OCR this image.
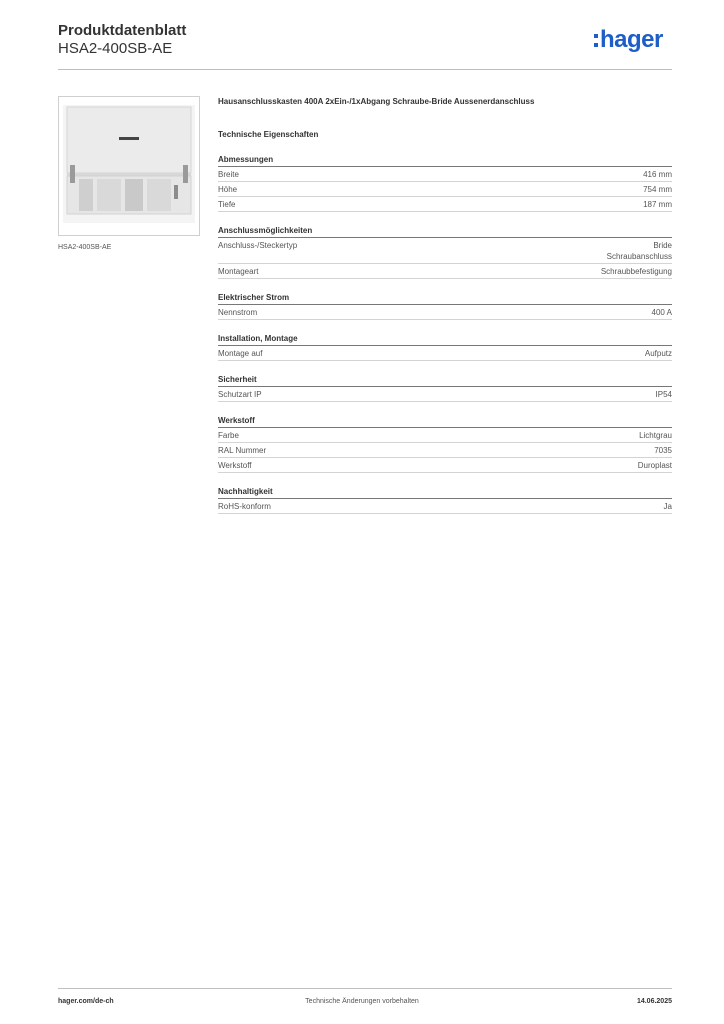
Produktdatenblatt
HSA2-400SB-AE	hager
HSA2-400SB-AE
Hausanschlusskasten 400A 2xEin-/1xAbgang Schraube-Bride Aussenerdanschluss
Technische Eigenschaften
Abmessungen
Breite	416 mm
Höhe	754 mm
Tiefe	187 mm
Anschlussmöglichkeiten
Anschluss-/Steckertyp	Bride
Schraubanschluss
Montageart	Schraubbefestigung
Elektrischer Strom
Nennstrom	400 A
Installation, Montage
Montage auf	Aufputz
Sicherheit
Schutzart IP	IP54
Werkstoff
Farbe	Lichtgrau
RAL Nummer	7035
Werkstoff	Duroplast
Nachhaltigkeit
RoHS-konform	Ja
hager.com/de-ch	Technische Änderungen vorbehalten	14.06.2025
